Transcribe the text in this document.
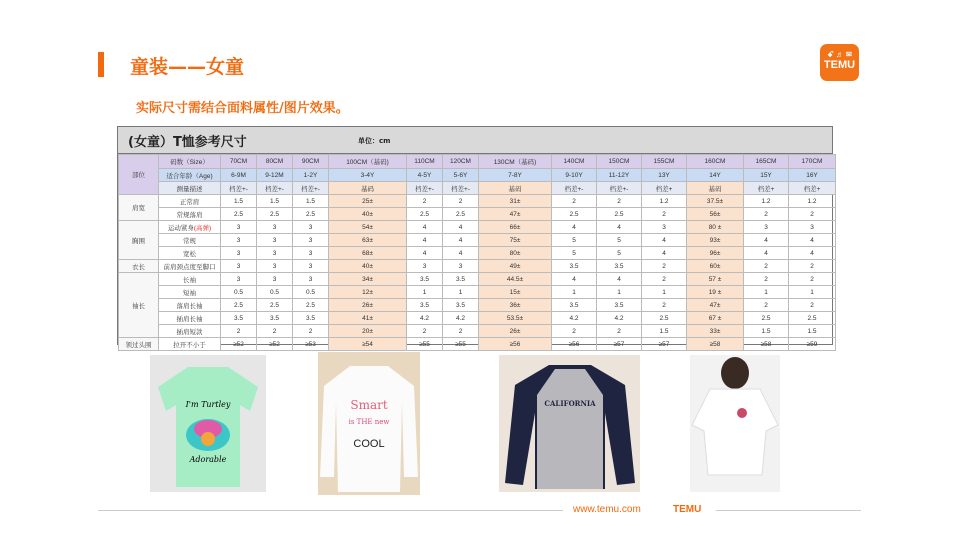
童装——女童
实际尺寸需结合面料属性/图片效果。
ꗃ ♬ ✉
TEMU
(女童）T恤参考尺寸	单位：cm
部位	码数（Size）	70CM	80CM	90CM	100CM（基码)	110CM	120CM	130CM（基码)	140CM	150CM	155CM	160CM	165CM	170CM
	适合年龄（Age)	6-9M	9-12M	1-2Y	3-4Y	4-5Y	5-6Y	7-8Y	9-10Y	11-12Y	13Y	14Y	15Y	16Y
	测量描述	档差+-	档差+-	档差+-	基码	档差+-	档差+-	基码	档差+-	档差+-	档差+	基码	档差+	档差+
肩宽	正常肩	1.5	1.5	1.5	25±	2	2	31±	2	2	1.2	37.5±	1.2	1.2
	常规落肩	2.5	2.5	2.5	40±	2.5	2.5	47±	2.5	2.5	2	56±	2	2
胸围	运动紧身(高弹)	3	3	3	54±	4	4	66±	4	4	3	80 ±	3	3
	常规	3	3	3	63±	4	4	75±	5	5	4	93±	4	4
	宽松	3	3	3	68±	4	4	80±	5	5	4	96±	4	4
衣长	前肩颈点度至脚口	3	3	3	40±	3	3	49±	3.5	3.5	2	60±	2	2
袖长	长袖	3	3	3	34±	3.5	3.5	44.5±	4	4	2	57 ±	2	2
	短袖	0.5	0.5	0.5	12±	1	1	15±	1	1	1	19 ±	1	1
	落肩长袖	2.5	2.5	2.5	26±	3.5	3.5	36±	3.5	3.5	2	47±	2	2
	插肩长袖	3.5	3.5	3.5	41±	4.2	4.2	53.5±	4.2	4.2	2.5	67 ±	2.5	2.5
	插肩短款	2	2	2	20±	2	2	26±	2	2	1.5	33±	1.5	1.5
领过头围	拉开不小于	≥52	≥52	≥53	≥54	≥55	≥55	≥56	≥56	≥57	≥57	≥58	≥58	≥59
I'm Turtley
Adorable
Smart
is THE new
COOL
CALIFORNIA
www.temu.com	TEMU
